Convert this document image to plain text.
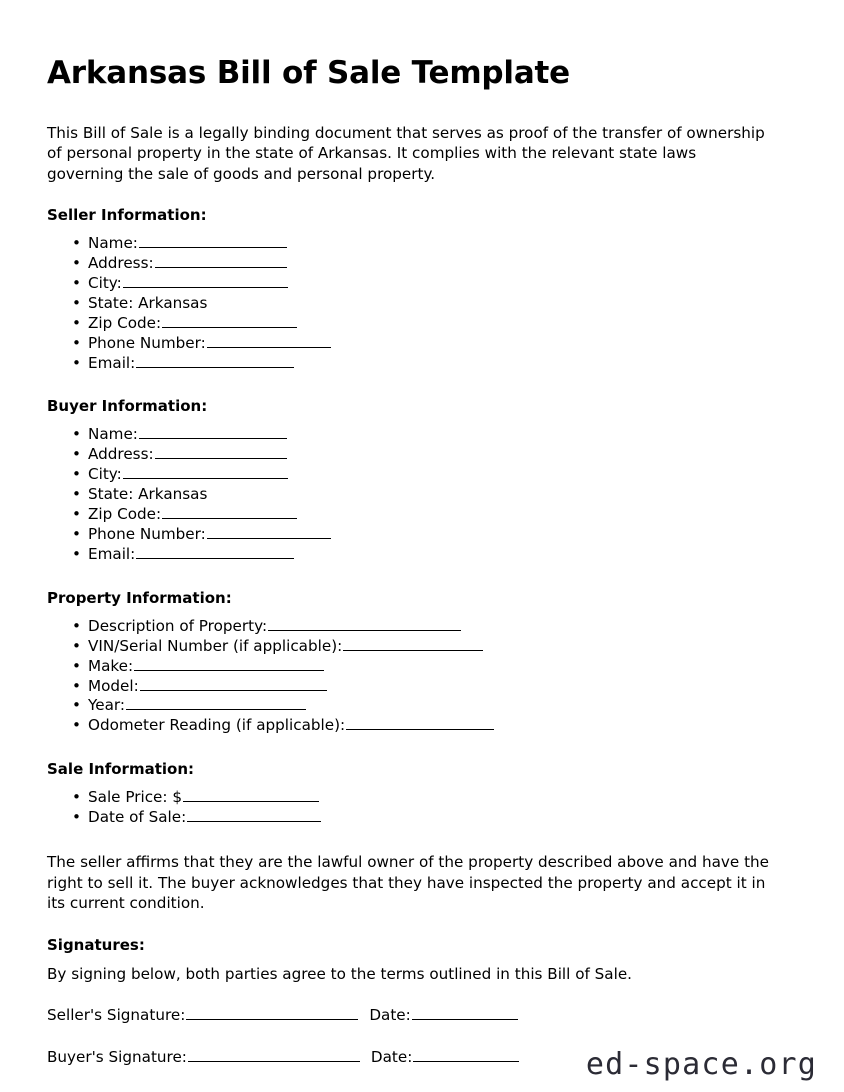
Arkansas Bill of Sale Template

This Bill of Sale is a legally binding document that serves as proof of the transfer of ownership of personal property in the state of Arkansas. It complies with the relevant state laws governing the sale of goods and personal property.

Seller Information:
• Name:
• Address:
• City:
• State: Arkansas
• Zip Code:
• Phone Number:
• Email:
Buyer Information:
• Name:
• Address:
• City:
• State: Arkansas
• Zip Code:
• Phone Number:
• Email:
Property Information:
• Description of Property:
• VIN/Serial Number (if applicable):
• Make:
• Model:
• Year:
• Odometer Reading (if applicable):
Sale Information:
• Sale Price: $
• Date of Sale:

The seller affirms that they are the lawful owner of the property described above and have the right to sell it. The buyer acknowledges that they have inspected the property and accept it in its current condition.

Signatures:

By signing below, both parties agree to the terms outlined in this Bill of Sale.

Seller's Signature:	Date:
Buyer's Signature:	Date:	ed-space.org
